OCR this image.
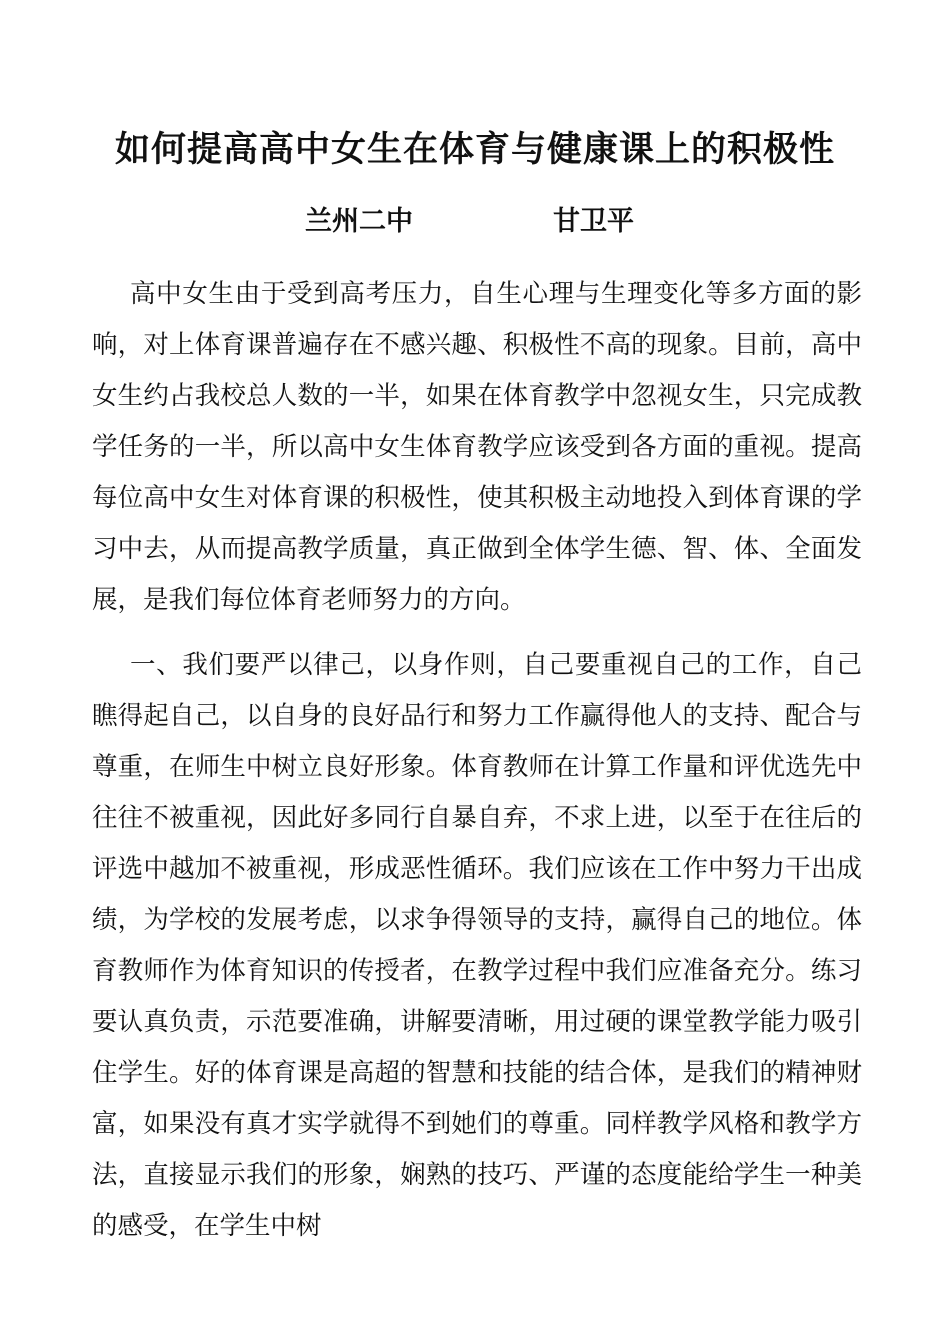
如何提高高中女生在体育与健康课上的积极性
兰州二中	甘卫平

高中女生由于受到高考压力，自生心理与生理变化等多方面的影响，对上体育课普遍存在不感兴趣、积极性不高的现象。目前，高中女生约占我校总人数的一半，如果在体育教学中忽视女生，只完成教学任务的一半，所以高中女生体育教学应该受到各方面的重视。提高每位高中女生对体育课的积极性，使其积极主动地投入到体育课的学习中去，从而提高教学质量，真正做到全体学生德、智、体、全面发展，是我们每位体育老师努力的方向。

一、我们要严以律己，以身作则，自己要重视自己的工作，自己瞧得起自己，以自身的良好品行和努力工作赢得他人的支持、配合与尊重，在师生中树立良好形象。体育教师在计算工作量和评优选先中往往不被重视，因此好多同行自暴自弃，不求上进，以至于在往后的评选中越加不被重视，形成恶性循环。我们应该在工作中努力干出成绩，为学校的发展考虑，以求争得领导的支持，赢得自己的地位。体育教师作为体育知识的传授者，在教学过程中我们应准备充分。练习要认真负责，示范要准确，讲解要清晰，用过硬的课堂教学能力吸引住学生。好的体育课是高超的智慧和技能的结合体，是我们的精神财富，如果没有真才实学就得不到她们的尊重。同样教学风格和教学方法，直接显示我们的形象，娴熟的技巧、严谨的态度能给学生一种美的感受，在学生中树
